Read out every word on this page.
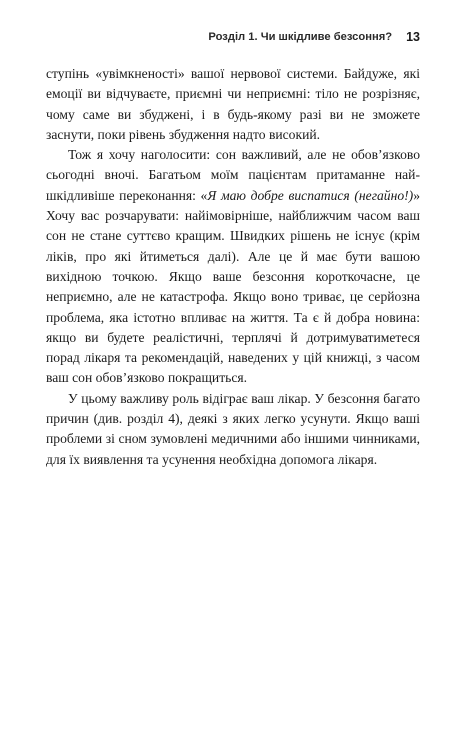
Розділ 1. Чи шкідливе безсоння? 13

ступінь «увімкненості» вашої нервової системи. Байдуже, які емоції ви відчуваєте, приємні чи неприємні: тіло не розрізняє, чому саме ви збуджені, і в будь-якому разі ви не зможете заснути, поки рівень збудження надто високий.

Тож я хочу наголосити: сон важливий, але не обов’язково сьогодні вночі. Багатьом моїм пацієнтам притаманне найшкідливіше переконання: «Я маю добре виспатися (негайно!)» Хочу вас розчарувати: найімовірніше, найближчим часом ваш сон не стане суттєво кращим. Швидких рішень не існує (крім ліків, про які йтиметься далі). Але це й має бути вашою вихідною точкою. Якщо ваше безсоння короткочасне, це неприємно, але не катастрофа. Якщо воно триває, це серйозна проблема, яка істотно впливає на життя. Та є й добра новина: якщо ви будете реалістичні, терплячі й дотримуватиметеся порад лікаря та рекомендацій, наведених у цій книжці, з часом ваш сон обов’язково покращиться.

У цьому важливу роль відіграє ваш лікар. У безсоння багато причин (див. розділ 4), деякі з яких легко усунути. Якщо ваші проблеми зі сном зумовлені медичними або іншими чинниками, для їх виявлення та усунення необхідна допомога лікаря.
